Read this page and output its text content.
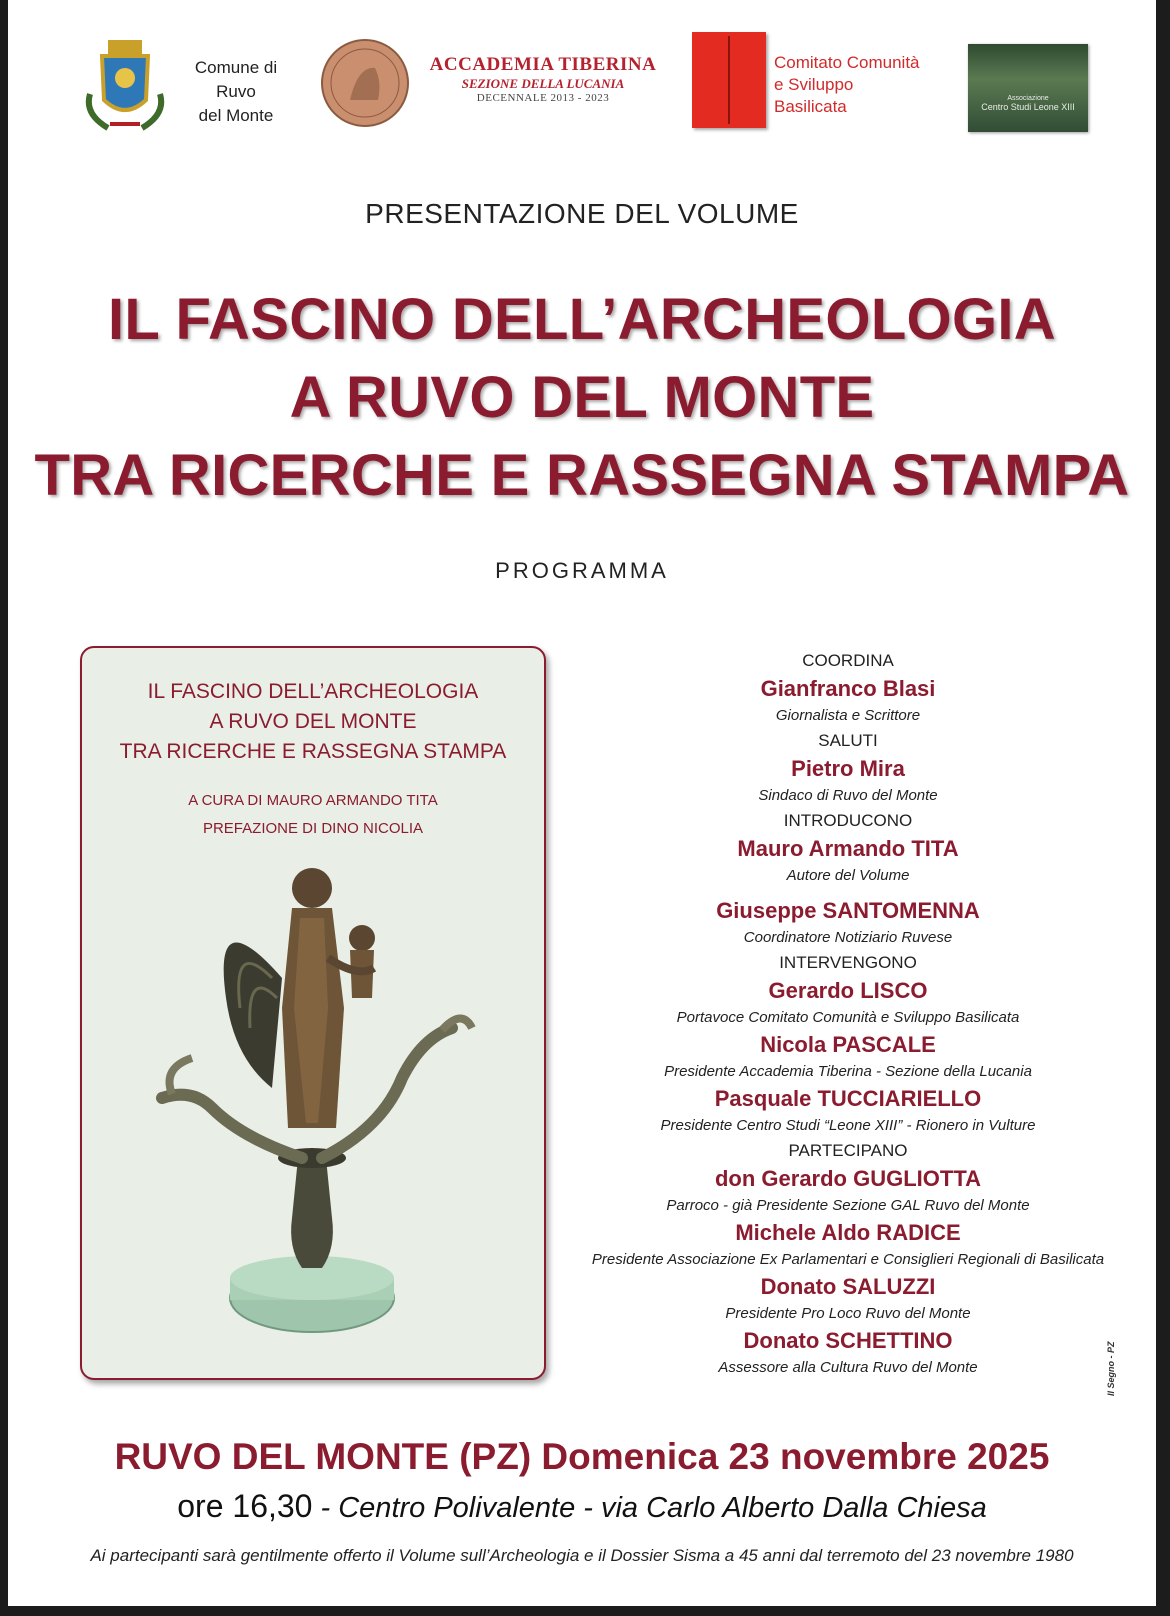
Comune di Ruvo
del Monte
ACCADEMIA TIBERINA
SEZIONE DELLA LUCANIA
DECENNALE 2013 - 2023
Comitato Comunità
e Sviluppo Basilicata	Associazione
Centro Studi Leone XIII
PRESENTAZIONE DEL VOLUME
IL FASCINO DELL’ARCHEOLOGIA
A RUVO DEL MONTE
TRA RICERCHE E RASSEGNA STAMPA
PROGRAMMA
IL FASCINO DELL’ARCHEOLOGIA
A RUVO DEL MONTE
TRA RICERCHE E RASSEGNA STAMPA
A CURA DI MAURO ARMANDO TITA
PREFAZIONE DI DINO NICOLIA
COORDINA
Gianfranco Blasi
Giornalista e Scrittore
SALUTI
Pietro Mira
Sindaco di Ruvo del Monte
INTRODUCONO
Mauro Armando TITA
Autore del Volume
Giuseppe SANTOMENNA
Coordinatore Notiziario Ruvese
INTERVENGONO
Gerardo LISCO
Portavoce Comitato Comunità e Sviluppo Basilicata
Nicola PASCALE
Presidente Accademia Tiberina - Sezione della Lucania
Pasquale TUCCIARIELLO
Presidente Centro Studi “Leone XIII” - Rionero in Vulture
PARTECIPANO
don Gerardo GUGLIOTTA
Parroco - già Presidente Sezione GAL Ruvo del Monte
Michele Aldo RADICE
Presidente Associazione Ex Parlamentari e Consiglieri Regionali di Basilicata
Donato SALUZZI
Presidente Pro Loco Ruvo del Monte
Donato SCHETTINO
Assessore alla Cultura Ruvo del Monte	Il Segno - PZ
RUVO DEL MONTE (PZ) Domenica 23 novembre 2025
ore 16,30 - Centro Polivalente - via Carlo Alberto Dalla Chiesa
Ai partecipanti sarà gentilmente offerto il Volume sull’Archeologia e il Dossier Sisma a 45 anni dal terremoto del 23 novembre 1980
